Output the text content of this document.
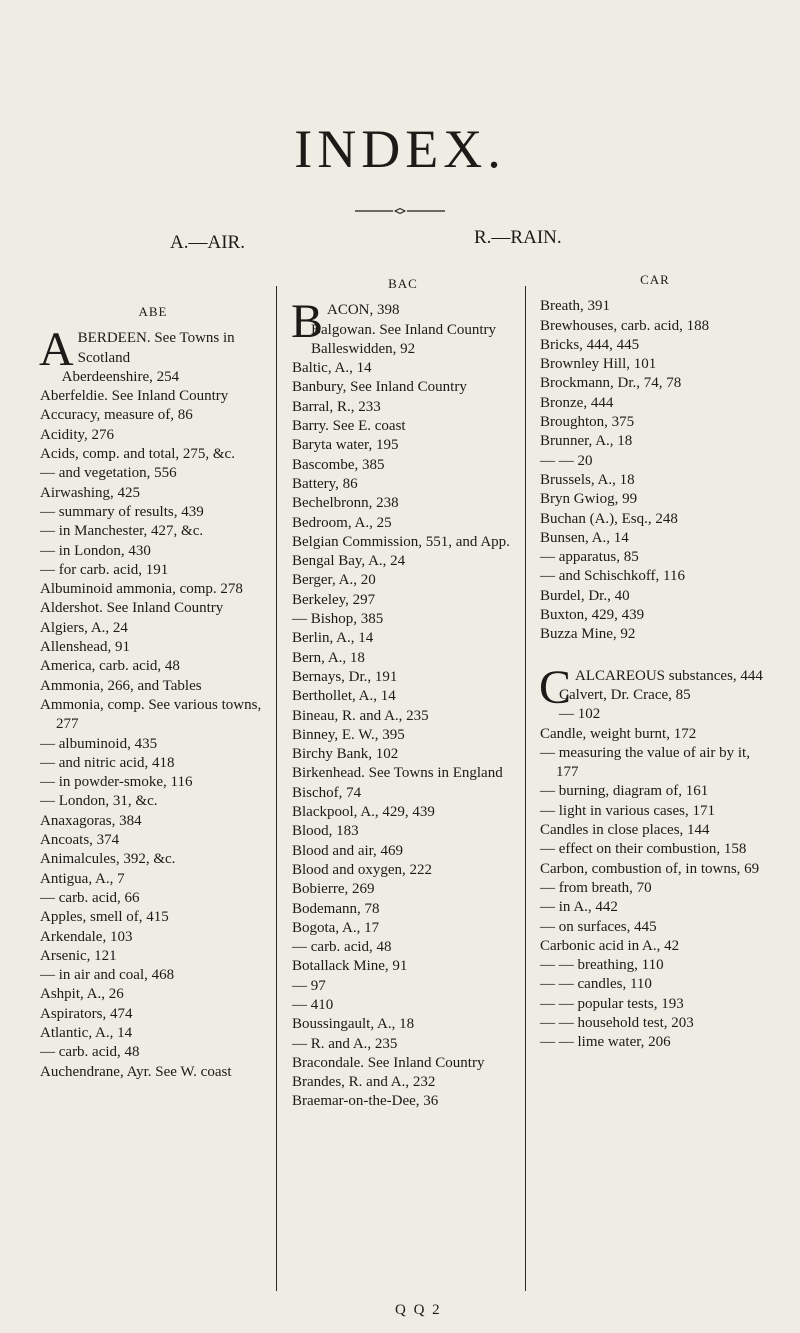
INDEX.
A.—AIR.	R.—RAIN.
ABE
ABERDEEN. See Towns in Scotland
Aberdeenshire, 254
Aberfeldie. See Inland Country
Accuracy, measure of, 86
Acidity, 276
Acids, comp. and total, 275, &c.
— and vegetation, 556
Airwashing, 425
— summary of results, 439
— in Manchester, 427, &c.
— in London, 430
— for carb. acid, 191
Albuminoid ammonia, comp. 278
Aldershot. See Inland Country
Algiers, A., 24
Allenshead, 91
America, carb. acid, 48
Ammonia, 266, and Tables
Ammonia, comp. See various towns, 277
— albuminoid, 435
— and nitric acid, 418
— in powder-smoke, 116
— London, 31, &c.
Anaxagoras, 384
Ancoats, 374
Animalcules, 392, &c.
Antigua, A., 7
— carb. acid, 66
Apples, smell of, 415
Arkendale, 103
Arsenic, 121
— in air and coal, 468
Ashpit, A., 26
Aspirators, 474
Atlantic, A., 14
— carb. acid, 48
Auchendrane, Ayr. See W. coast
BAC
BACON, 398
Balgowan. See Inland Country
Balleswidden, 92
Baltic, A., 14
Banbury, See Inland Country
Barral, R., 233
Barry. See E. coast
Baryta water, 195
Bascombe, 385
Battery, 86
Bechelbronn, 238
Bedroom, A., 25
Belgian Commission, 551, and App.
Bengal Bay, A., 24
Berger, A., 20
Berkeley, 297
— Bishop, 385
Berlin, A., 14
Bern, A., 18
Bernays, Dr., 191
Berthollet, A., 14
Bineau, R. and A., 235
Binney, E. W., 395
Birchy Bank, 102
Birkenhead. See Towns in England
Bischof, 74
Blackpool, A., 429, 439
Blood, 183
Blood and air, 469
Blood and oxygen, 222
Bobierre, 269
Bodemann, 78
Bogota, A., 17
— carb. acid, 48
Botallack Mine, 91
— 97
— 410
Boussingault, A., 18
— R. and A., 235
Bracondale. See Inland Country
Brandes, R. and A., 232
Braemar-on-the-Dee, 36
CAR
Breath, 391
Brewhouses, carb. acid, 188
Bricks, 444, 445
Brownley Hill, 101
Brockmann, Dr., 74, 78
Bronze, 444
Broughton, 375
Brunner, A., 18
— — 20
Brussels, A., 18
Bryn Gwiog, 99
Buchan (A.), Esq., 248
Bunsen, A., 14
— apparatus, 85
— and Schischkoff, 116
Burdel, Dr., 40
Buxton, 429, 439
Buzza Mine, 92
CALCAREOUS substances, 444
Calvert, Dr. Crace, 85
— 102
Candle, weight burnt, 172
— measuring the value of air by it, 177
— burning, diagram of, 161
— light in various cases, 171
Candles in close places, 144
— effect on their combustion, 158
Carbon, combustion of, in towns, 69
— from breath, 70
— in A., 442
— on surfaces, 445
Carbonic acid in A., 42
— — breathing, 110
— — candles, 110
— — popular tests, 193
— — household test, 203
— — lime water, 206
Q Q 2
